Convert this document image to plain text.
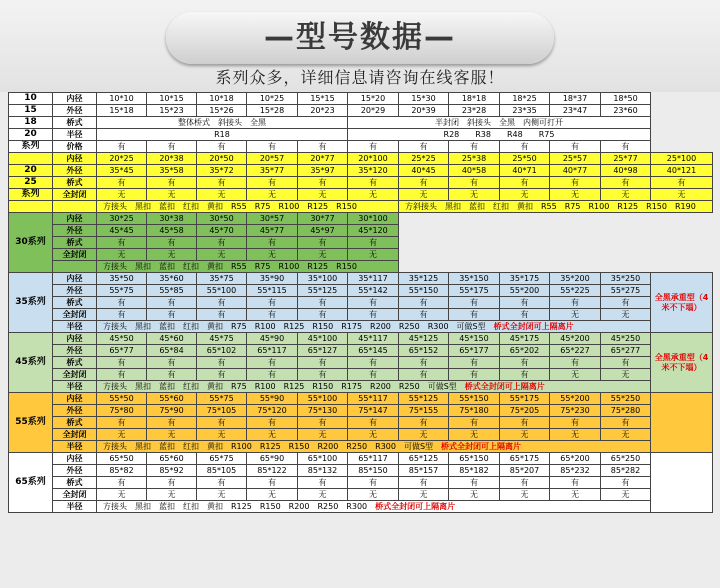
—型号数据—
系列众多，详细信息请咨询在线客服！
10	内径	10*10	10*15	10*18	10*25	15*15	15*20	15*30	18*18	18*25	18*37	18*50	
15	外径	15*18	15*23	15*26	15*28	20*23	20*29	20*39	23*28	23*35	23*47	23*60	
18	桥式	整体桥式　斜接头　全黑					半封闭　斜接头　全黑　内侧可打开						
20	半径	R18					R28　　R38　　R48　　R75						
系列	价格	有	有	有	有	有	有	有	有	有	有	有	
	内径	20*25	20*38	20*50	20*57	20*77	20*100	25*25	25*38	25*50	25*57	25*77	25*100
20	外径	35*45	35*58	35*72	35*77	35*97	35*120	40*45	40*58	40*71	40*77	40*98	40*121
25	桥式	有	有	有	有	有	有	有	有	有	有	有	有
系列	全封闭	无	无	无	无	无	无	无	无	无	无	无	无
		方接头　黑扣　蓝扣　红扣　黄扣　R55　R75　R100　R125　R150						方斜接头　黑扣　蓝扣　红扣　黄扣　R55　R75　R100　R125　R150　R190					
30系列	内径	30*25	30*38	30*50	30*57	30*77	30*100						
	外径	45*45	45*58	45*70	45*77	45*97	45*120						
	桥式	有	有	有	有	有	有						
	全封闭	无	无	无	无	无	无						
		方接头　黑扣　蓝扣　红扣　黄扣　R55　R75　R100　R125　R150											
35系列	内径	35*50	35*60	35*75	35*90	35*100	35*117	35*125	35*150	35*175	35*200	35*250	全黑承重型（4米不下塌）
	外径	55*75	55*85	55*100	55*115	55*125	55*142	55*150	55*175	55*200	55*225	55*275	
	桥式	有	有	有	有	有	有	有	有	有	有	有	
	全封闭	有	有	有	有	有	有	有	有	有	无	无	
	半径	方接头　黑扣　蓝扣　红扣　黄扣　R75　R100　R125　R150　R175　R200　R250　R300　可做S型　 桥式全封闭可上隔离片											
45系列	内径	45*50	45*60	45*75	45*90	45*100	45*117	45*125	45*150	45*175	45*200	45*250	全黑承重型（4米不下塌）
	外径	65*77	65*84	65*102	65*117	65*127	65*145	65*152	65*177	65*202	65*227	65*277	
	桥式	有	有	有	有	有	有	有	有	有	有	有	
	全封闭	有	有	有	有	有	有	有	有	有	无	无	
	半径	方接头　黑扣　蓝扣　红扣　黄扣　R75　R100　R125　R150　R175　R200　R250　可做S型　 桥式全封闭可上隔离片											
55系列	内径	55*50	55*60	55*75	55*90	55*100	55*117	55*125	55*150	55*175	55*200	55*250	
	外径	75*80	75*90	75*105	75*120	75*130	75*147	75*155	75*180	75*205	75*230	75*280	
	桥式	有	有	有	有	有	有	有	有	有	有	有	
	全封闭	无	无	无	无	无	无	无	无	无	无	无	
	半径	方接头　黑扣　蓝扣　红扣　黄扣　R100　R125　R150　R200　R250　R300　可做S型　 桥式全封闭可上隔离片											
65系列	内径	65*50	65*60	65*75	65*90	65*100	65*117	65*125	65*150	65*175	65*200	65*250	
	外径	85*82	85*92	85*105	85*122	85*132	85*150	85*157	85*182	85*207	85*232	85*282	
	桥式	有	有	有	有	有	有	有	有	有	有	有	
	全封闭	无	无	无	无	无	无	无	无	无	无	无	
	半径	方接头　黑扣　蓝扣　红扣　黄扣　R125　R150　R200　R250　R300　 桥式全封闭可上隔离片											
